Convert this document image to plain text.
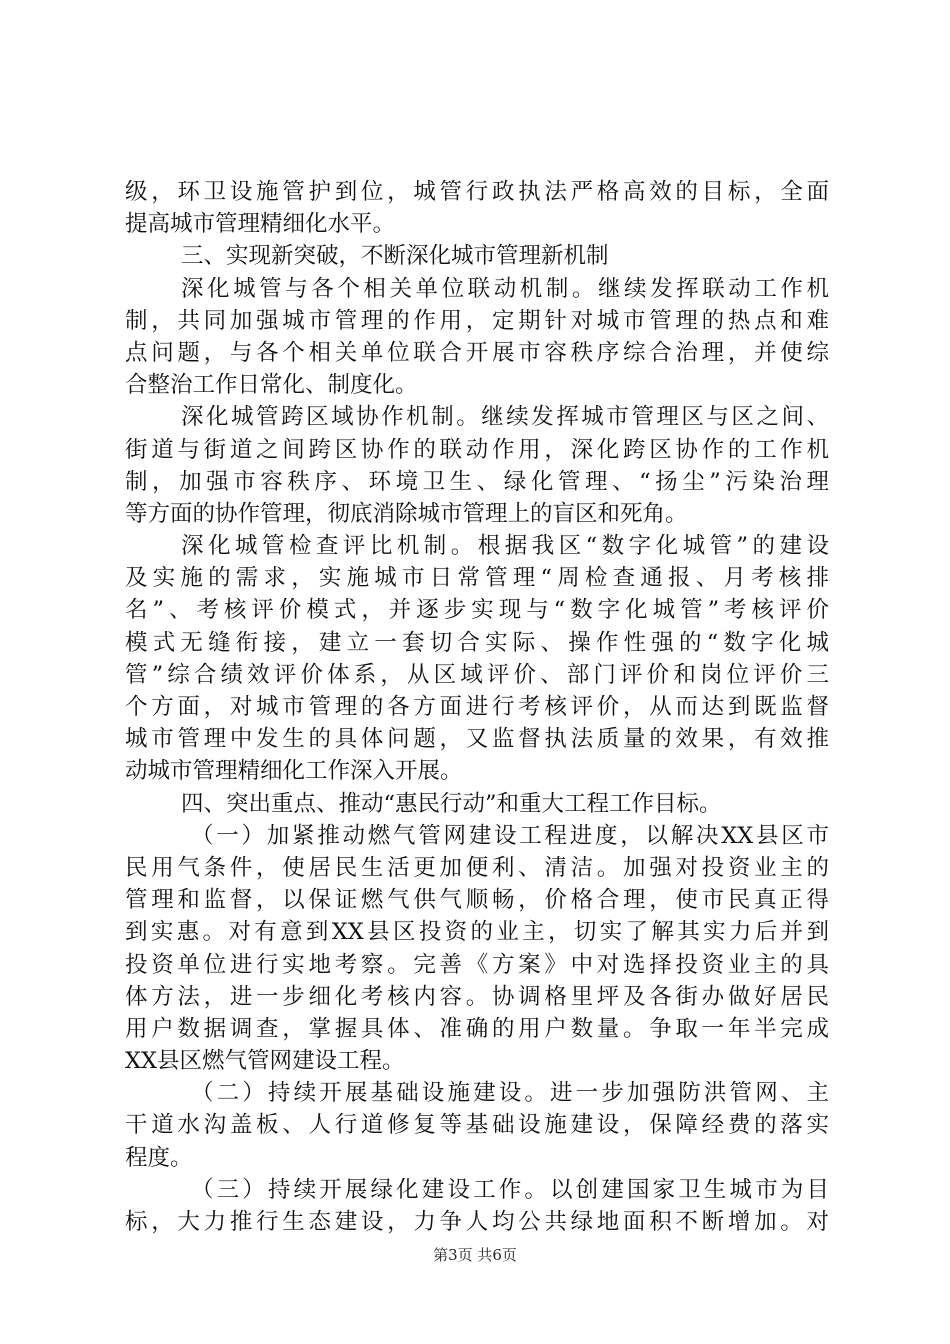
级，环卫设施管护到位，城管行政执法严格高效的目标，全面
提高城市管理精细化水平。
三、实现新突破，不断深化城市管理新机制
深化城管与各个相关单位联动机制。继续发挥联动工作机
制，共同加强城市管理的作用，定期针对城市管理的热点和难
点问题，与各个相关单位联合开展市容秩序综合治理，并使综
合整治工作日常化、制度化。
深化城管跨区域协作机制。继续发挥城市管理区与区之间、
街道与街道之间跨区协作的联动作用，深化跨区协作的工作机
制，加强市容秩序、环境卫生、绿化管理、“扬尘”污染治理
等方面的协作管理，彻底消除城市管理上的盲区和死角。
深化城管检查评比机制。根据我区“数字化城管”的建设
及实施的需求，实施城市日常管理“周检查通报、月考核排
名”、考核评价模式，并逐步实现与“数字化城管”考核评价
模式无缝衔接，建立一套切合实际、操作性强的“数字化城
管”综合绩效评价体系，从区域评价、部门评价和岗位评价三
个方面，对城市管理的各方面进行考核评价，从而达到既监督
城市管理中发生的具体问题，又监督执法质量的效果，有效推
动城市管理精细化工作深入开展。
四、突出重点、推动“惠民行动”和重大工程工作目标。
（一）加紧推动燃气管网建设工程进度，以解决XX县区市
民用气条件，使居民生活更加便利、清洁。加强对投资业主的
管理和监督，以保证燃气供气顺畅，价格合理，使市民真正得
到实惠。对有意到XX县区投资的业主，切实了解其实力后并到
投资单位进行实地考察。完善《方案》中对选择投资业主的具
体方法，进一步细化考核内容。协调格里坪及各街办做好居民
用户数据调查，掌握具体、准确的用户数量。争取一年半完成
XX县区燃气管网建设工程。
（二）持续开展基础设施建设。进一步加强防洪管网、主
干道水沟盖板、人行道修复等基础设施建设，保障经费的落实
程度。
（三）持续开展绿化建设工作。以创建国家卫生城市为目
标，大力推行生态建设，力争人均公共绿地面积不断增加。对
第3页 共6页
